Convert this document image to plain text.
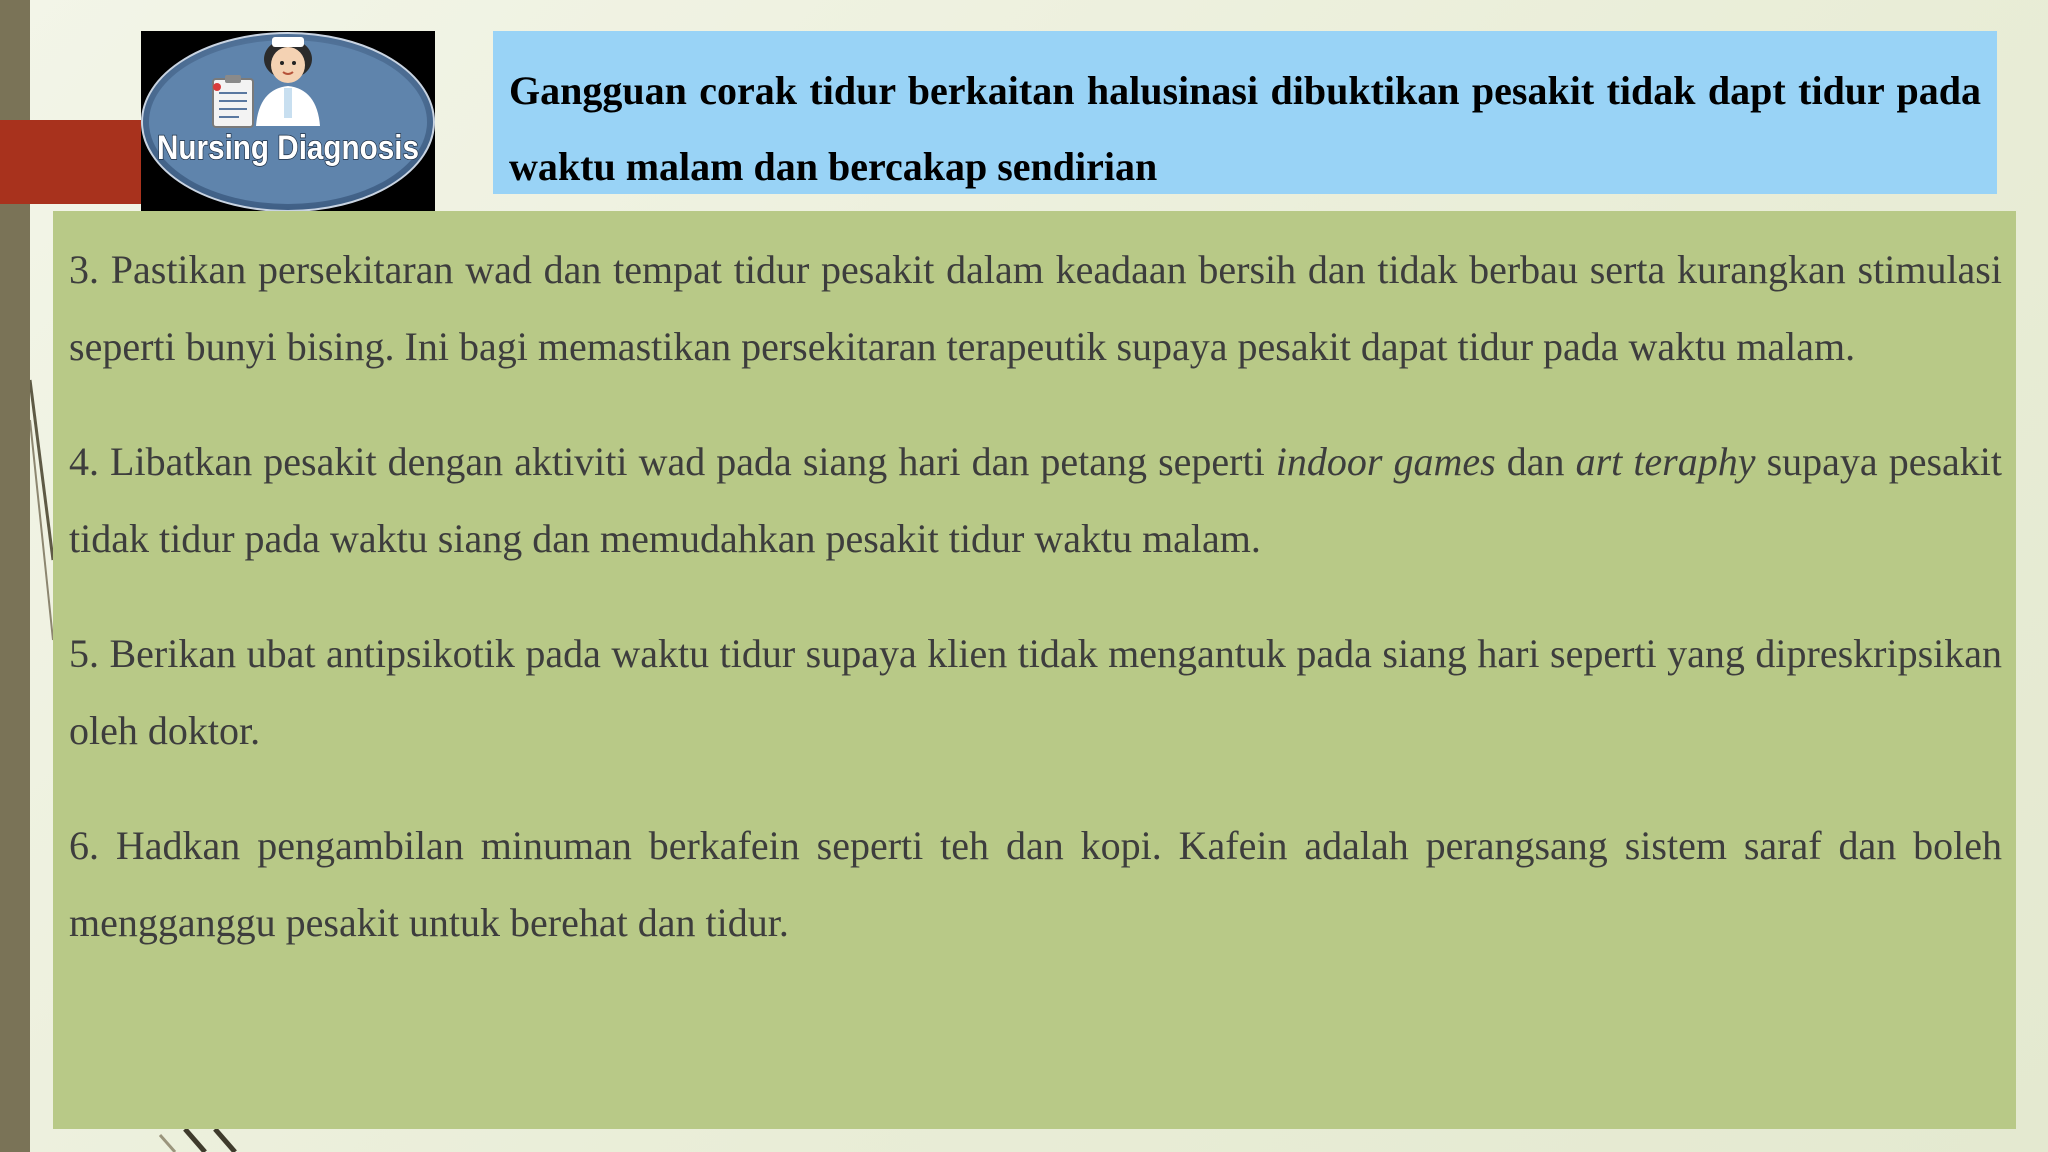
Nursing Diagnosis

Gangguan corak tidur berkaitan halusinasi dibuktikan pesakit tidak dapt tidur pada waktu malam dan bercakap sendirian

3. Pastikan persekitaran wad dan tempat tidur pesakit dalam keadaan bersih dan tidak berbau serta kurangkan stimulasi seperti bunyi bising. Ini bagi memastikan persekitaran terapeutik supaya pesakit dapat tidur pada waktu malam.

4. Libatkan pesakit dengan aktiviti wad pada siang hari dan petang seperti indoor games dan art teraphy supaya pesakit tidak tidur pada waktu siang dan memudahkan pesakit tidur waktu malam.

5. Berikan ubat antipsikotik pada waktu tidur supaya klien tidak mengantuk pada siang hari seperti yang dipreskripsikan oleh doktor.

6. Hadkan pengambilan minuman berkafein seperti teh dan kopi. Kafein adalah perangsang sistem saraf dan boleh mengganggu pesakit untuk berehat dan tidur.
